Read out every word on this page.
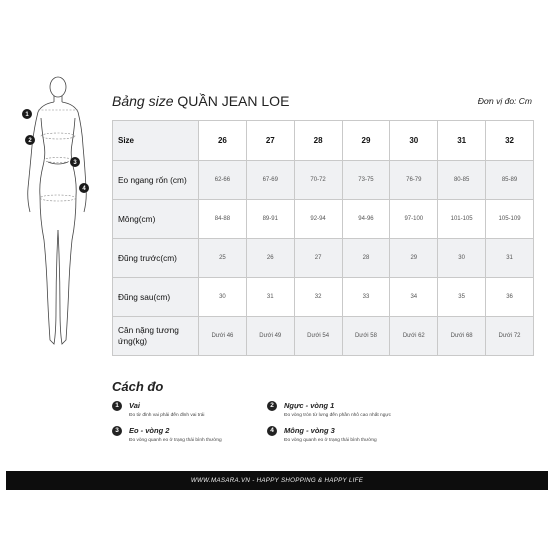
1
2
3
4
Bảng size QUẦN JEAN LOE	Đơn vị đo: Cm
Size	26	27	28	29	30	31	32
Eo ngang rốn (cm)	62-66	67-69	70-72	73-75	76-79	80-85	85-89
Mông(cm)	84-88	89-91	92-94	94-96	97-100	101-105	105-109
Đũng trước(cm)	25	26	27	28	29	30	31
Đũng sau(cm)	30	31	32	33	34	35	36
Cân nặng tương ứng(kg)	Dưới 46	Dưới 49	Dưới 54	Dưới 58	Dưới 62	Dưới 68	Dưới 72
Cách đo
1	Vai
Đo từ đỉnh vai phải đến đỉnh vai trái
2	Ngực - vòng 1
Đo vòng tròn từ lưng đến phần nhô cao nhất ngực
3	Eo - vòng 2
Đo vòng quanh eo ở trạng thái bình thường
4	Mông - vòng 3
Đo vòng quanh eo ở trạng thái bình thường
WWW.MASARA.VN - HAPPY SHOPPING & HAPPY LIFE
